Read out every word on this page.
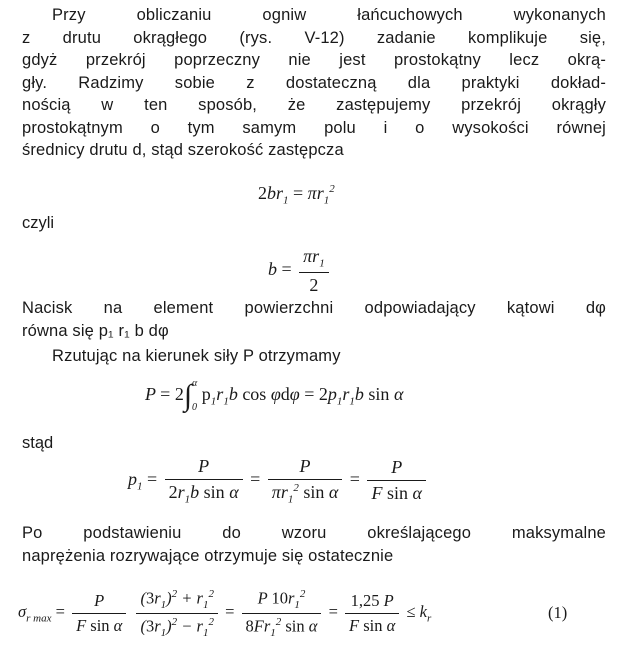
Przy obliczaniu ogniw łańcuchowych wykonanych
z drutu okrągłego (rys. V-12) zadanie komplikuje się,
gdyż przekrój poprzeczny nie jest prostokątny lecz okrą-
gły. Radzimy sobie z dostateczną dla praktyki dokład-
nością w ten sposób, że zastępujemy przekrój okrągły
prostokątnym o tym samym polu i o wysokości równej
średnicy drutu d, stąd szerokość zastępcza
$2br_1 = \pi r_1^2$
czyli
$b = \frac{\pi r_1}{2}$
Nacisk na element powierzchni odpowiadający kątowi dφ
równa się p₁ r₁ b dφ
Rzutując na kierunek siły P otrzymamy
P = 2∫α

0 $p_1r_1b$ $\cos \varphi d\varphi = 2p_1r_1b$ sin α
stąd
$p_1 = \frac{P}{2r_1b \sin \alpha} = \frac{P}{\pi r_1^2 \sin \alpha} = \frac{P}{\text{F sin α}}$
Po podstawieniu do wzoru określającego maksymalne
naprężenia rozrywające otrzymuje się ostatecznie
$\sigma_{r max} = \frac{P}{\text{F sin α}}$
$\frac{(3r_1)^2 + r_1^2}{(3r_1)^2 - r_1^2} = \frac{P 10r_1^2}{8Fr_1^2 \sin \alpha} = \frac{1,25 P}{\text{F sin α}} \le k_r$	(1)
